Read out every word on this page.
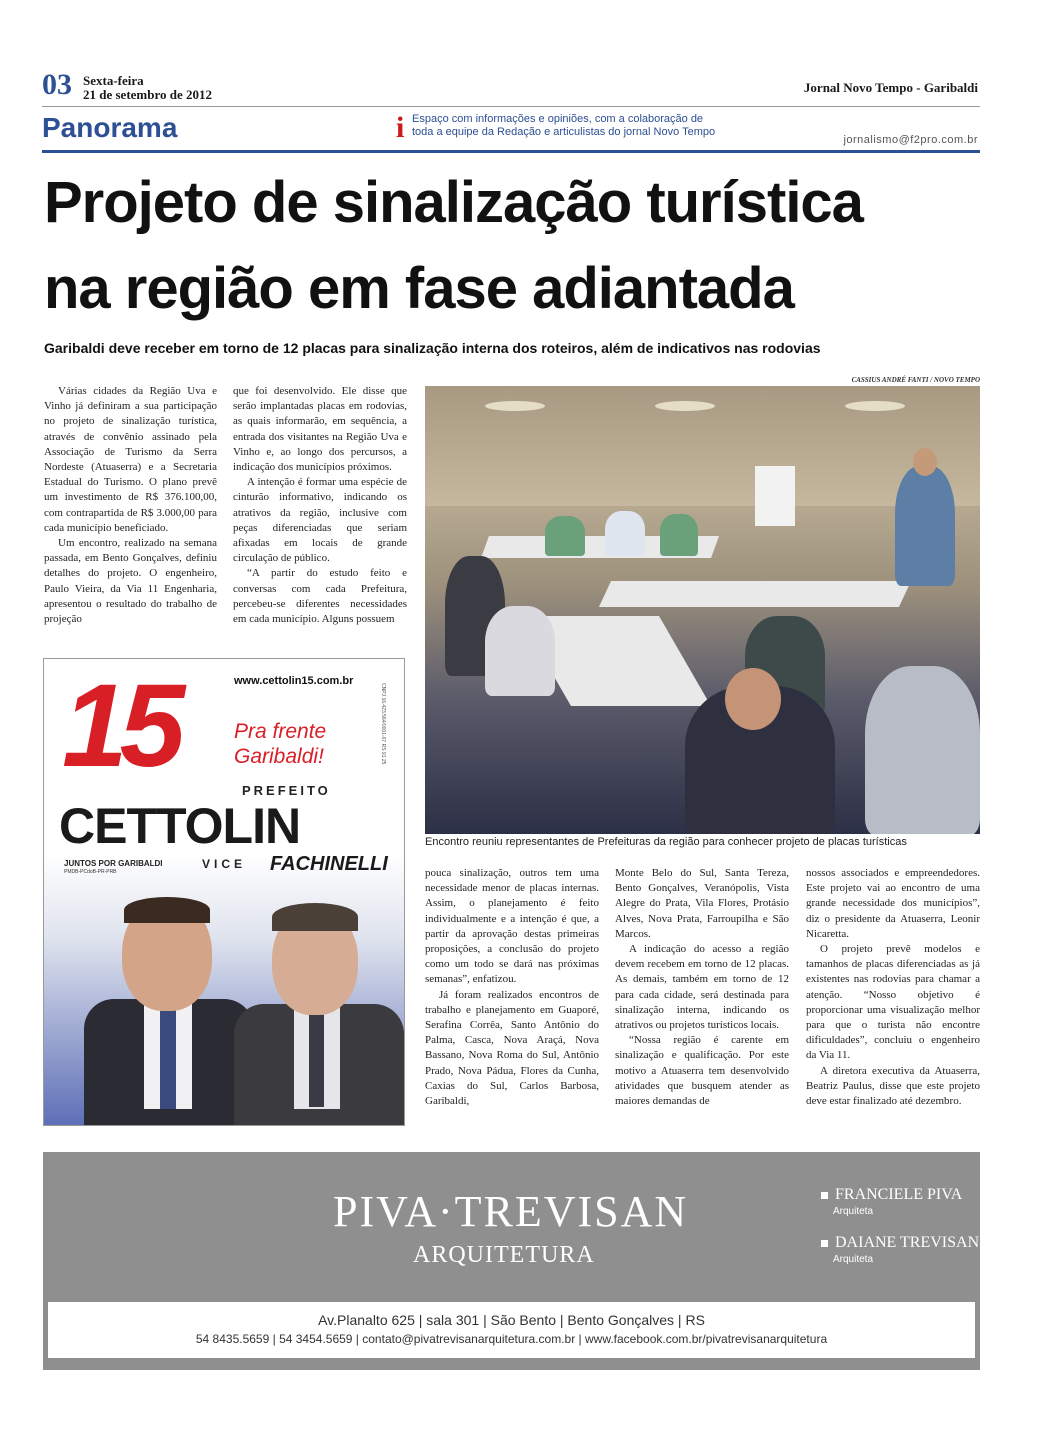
03 Sexta-feira
21 de setembro de 2012	Jornal Novo Tempo - Garibaldi
Panorama	i Espaço com informações e opiniões, com a colaboração de
toda a equipe da Redação e articulistas do jornal Novo Tempo
jornalismo@f2pro.com.br
Projeto de sinalização turística
na região em fase adiantada
Garibaldi deve receber em torno de 12 placas para sinalização interna dos roteiros, além de indicativos nas rodovias

Várias cidades da Região Uva e Vinho já definiram a sua participação no projeto de sinalização turística, através de convênio assinado pela Associação de Turismo da Serra Nordeste (Atuaserra) e a Secretaria Estadual do Turismo. O plano prevê um investimento de R$ 376.100,00, com contrapartida de R$ 3.000,00 para cada município beneficiado.

Um encontro, realizado na semana passada, em Bento Gonçalves, definiu detalhes do projeto. O engenheiro, Paulo Vieira, da Via 11 Engenharia, apresentou o resultado do trabalho de projeção

que foi desenvolvido. Ele disse que serão implantadas placas em rodovias, as quais informarão, em sequência, a entrada dos visitantes na Região Uva e Vinho e, ao longo dos percursos, a indicação dos municípios próximos.

A intenção é formar uma espécie de cinturão informativo, indicando os atrativos da região, inclusive com peças diferenciadas que seriam afixadas em locais de grande circulação de público.

“A partir do estudo feito e conversas com cada Prefeitura, percebeu-se diferentes necessidades em cada município. Alguns possuem

CASSIUS ANDRÉ FANTI / NOVO TEMPO
Encontro reuniu representantes de Prefeituras da região para conhecer projeto de placas turísticas

pouca sinalização, outros tem uma necessidade menor de placas internas. Assim, o planejamento é feito individualmente e a intenção é que, a partir da aprovação destas primeiras proposições, a conclusão do projeto como um todo se dará nas próximas semanas”, enfatizou.

Já foram realizados encontros de trabalho e planejamento em Guaporé, Serafina Corrêa, Santo Antônio do Palma, Casca, Nova Araçá, Nova Bassano, Nova Roma do Sul, Antônio Prado, Nova Pádua, Flores da Cunha, Caxias do Sul, Carlos Barbosa, Garibaldi,

Monte Belo do Sul, Santa Tereza, Bento Gonçalves, Veranópolis, Vista Alegre do Prata, Vila Flores, Protásio Alves, Nova Prata, Farroupilha e São Marcos.

A indicação do acesso a região devem recebem em torno de 12 placas. As demais, também em torno de 12 para cada cidade, será destinada para sinalização interna, indicando os atrativos ou projetos turísticos locais.

“Nossa região é carente em sinalização e qualificação. Por este motivo a Atuaserra tem desenvolvido atividades que busquem atender as maiores demandas de

nossos associados e empreendedores. Este projeto vai ao encontro de uma grande necessidade dos municípios”, diz o presidente da Atuaserra, Leonir Nicaretta.

O projeto prevê modelos e tamanhos de placas diferenciadas as já existentes nas rodovias para chamar a atenção. “Nosso objetivo é proporcionar uma visualização melhor para que o turista não encontre dificuldades”, concluiu o engenheiro da Via 11.

A diretora executiva da Atuaserra, Beatriz Paulus, disse que este projeto deve estar finalizado até dezembro.

15	www.cettolin15.com.br
CNPJ 16.423.564/0001-07 RS 91.25
Pra frente
Garibaldi!
PREFEITO
CETTOLIN
JUNTOS POR GARIBALDI
PMDB-PCdoB-PR-PRB
VICE FACHINELLI
PIVA·TREVISAN
ARQUITETURA
FRANCIELE PIVA
Arquiteta
DAIANE TREVISAN
Arquiteta
Av.Planalto 625 | sala 301 | São Bento | Bento Gonçalves | RS
54 8435.5659 | 54 3454.5659 | contato@pivatrevisanarquitetura.com.br | www.facebook.com.br/pivatrevisanarquitetura
